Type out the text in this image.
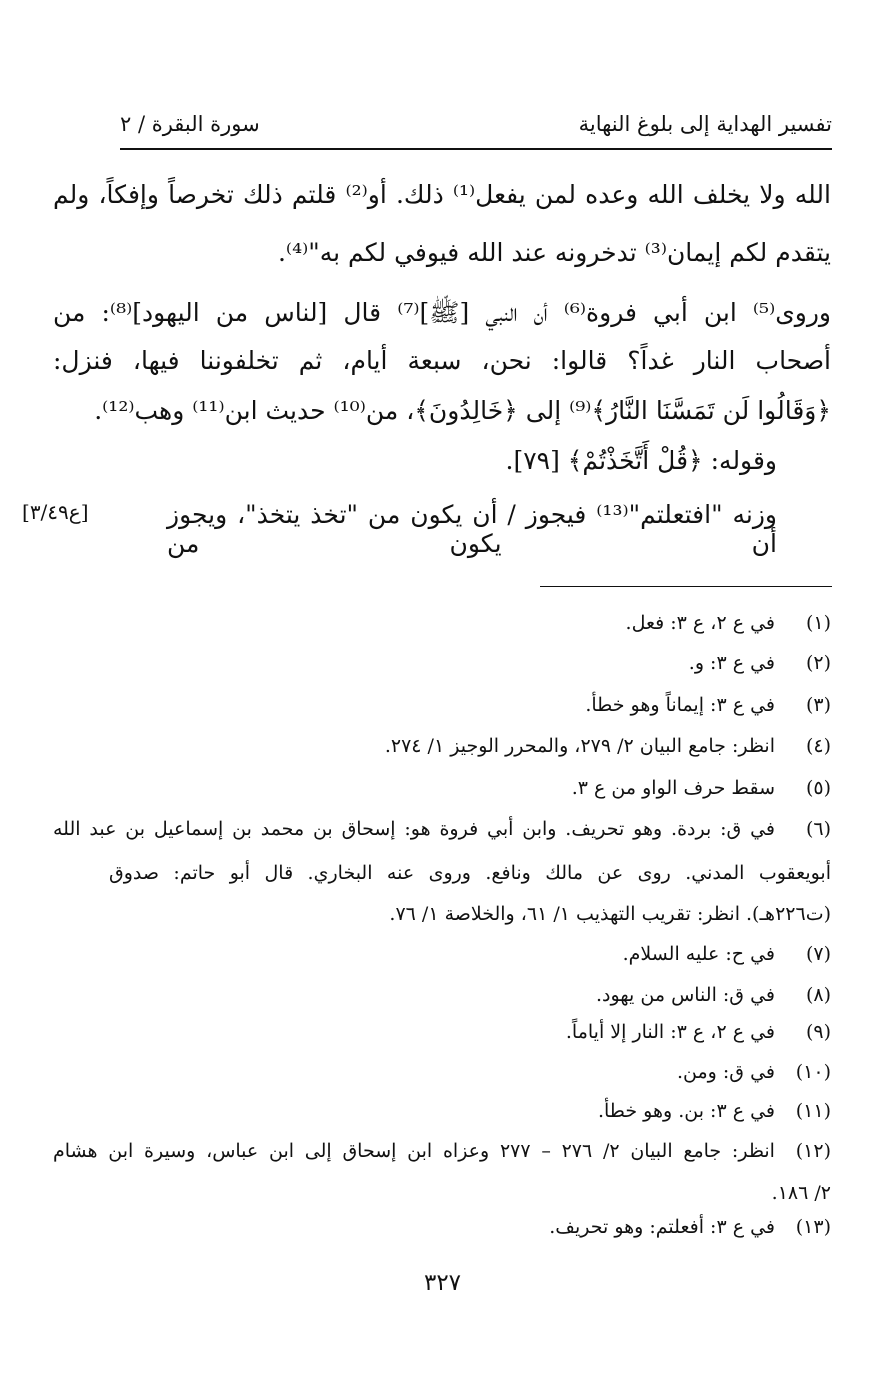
تفسير الهداية إلى بلوغ النهاية
سورة البقرة / ٢
الله ولا يخلف الله وعده لمن يفعل⁽¹⁾ ذلك. أو⁽²⁾ قلتم ذلك تخرصاً وإفكاً، ولم
يتقدم لكم إيمان⁽³⁾ تدخرونه عند الله فيوفي لكم به"⁽⁴⁾.
وروى⁽⁵⁾ ابن أبي فروة⁽⁶⁾ أن النبي [ﷺ]⁽⁷⁾ قال [لناس من اليهود]⁽⁸⁾: من
أصحاب النار غداً؟ قالوا: نحن، سبعة أيام، ثم تخلفوننا فيها، فنزل:
﴿وَقَالُوا لَن تَمَسَّنَا النَّارُ﴾⁽⁹⁾ إلى ﴿خَالِدُونَ﴾، من⁽¹⁰⁾ حديث ابن⁽¹¹⁾ وهب⁽¹²⁾.
وقوله: ﴿قُلْ أَتَّخَذْتُمْ﴾ [٧٩].
وزنه "افتعلتم"⁽¹³⁾ فيجوز / أن يكون من "تخذ يتخذ"، ويجوز أن يكون من
[ع٣/٤٩]
(١)
في ع ٢، ع ٣: فعل.
(٢)
في ع ٣: و.
(٣)
في ع ٣: إيماناً وهو خطأ.
(٤)
انظر: جامع البيان ٢/ ٢٧٩، والمحرر الوجيز ١/ ٢٧٤.
(٥)
سقط حرف الواو من ع ٣.
(٦)
في ق: بردة. وهو تحريف. وابن أبي فروة هو: إسحاق بن محمد بن إسماعيل بن عبد الله
أبويعقوب المدني. روى عن مالك ونافع. وروى عنه البخاري. قال أبو حاتم: صدوق
(ت٢٢٦هـ). انظر: تقريب التهذيب ١/ ٦١، والخلاصة ١/ ٧٦.
(٧)
في ح: عليه السلام.
(٨)
في ق: الناس من يهود.
(٩)
في ع ٢، ع ٣: النار إلا أياماً.
(١٠)
في ق: ومن.
(١١)
في ع ٣: بن. وهو خطأ.
(١٢)
انظر: جامع البيان ٢/ ٢٧٦ – ٢٧٧ وعزاه ابن إسحاق إلى ابن عباس، وسيرة ابن هشام
٢/ ١٨٦.
(١٣)
في ع ٣: أفعلتم: وهو تحريف.
٣٢٧
